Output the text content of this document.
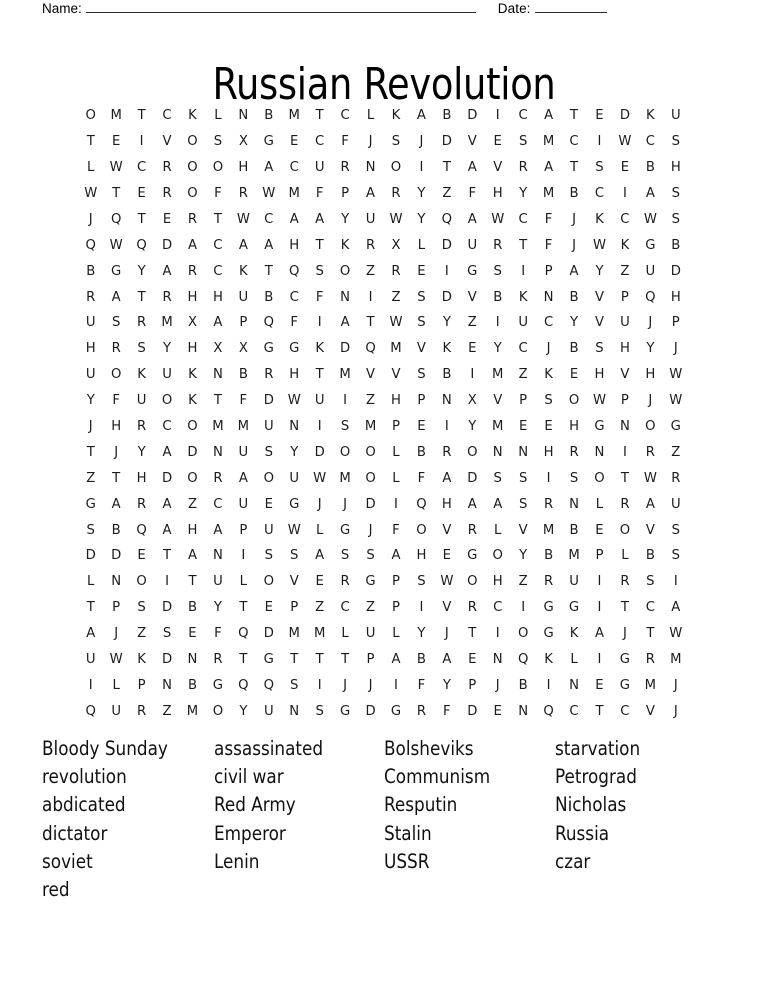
Name:	Date:
Russian Revolution
O	M	T	C	K	L	N	B	M	T	C	L	K	A	B	D	I	C	A	T	E	D	K	U
T	E	I	V	O	S	X	G	E	C	F	J	S	J	D	V	E	S	M	C	I	W	C	S
L	W	C	R	O	O	H	A	C	U	R	N	O	I	T	A	V	R	A	T	S	E	B	H
W	T	E	R	O	F	R	W	M	F	P	A	R	Y	Z	F	H	Y	M	B	C	I	A	S
J	Q	T	E	R	T	W	C	A	A	Y	U	W	Y	Q	A	W	C	F	J	K	C	W	S
Q	W	Q	D	A	C	A	A	H	T	K	R	X	L	D	U	R	T	F	J	W	K	G	B
B	G	Y	A	R	C	K	T	Q	S	O	Z	R	E	I	G	S	I	P	A	Y	Z	U	D
R	A	T	R	H	H	U	B	C	F	N	I	Z	S	D	V	B	K	N	B	V	P	Q	H
U	S	R	M	X	A	P	Q	F	I	A	T	W	S	Y	Z	I	U	C	Y	V	U	J	P
H	R	S	Y	H	X	X	G	G	K	D	Q	M	V	K	E	Y	C	J	B	S	H	Y	J
U	O	K	U	K	N	B	R	H	T	M	V	V	S	B	I	M	Z	K	E	H	V	H	W
Y	F	U	O	K	T	F	D	W	U	I	Z	H	P	N	X	V	P	S	O	W	P	J	W
J	H	R	C	O	M	M	U	N	I	S	M	P	E	I	Y	M	E	E	H	G	N	O	G
T	J	Y	A	D	N	U	S	Y	D	O	O	L	B	R	O	N	N	H	R	N	I	R	Z
Z	T	H	D	O	R	A	O	U	W	M	O	L	F	A	D	S	S	I	S	O	T	W	R
G	A	R	A	Z	C	U	E	G	J	J	D	I	Q	H	A	A	S	R	N	L	R	A	U
S	B	Q	A	H	A	P	U	W	L	G	J	F	O	V	R	L	V	M	B	E	O	V	S
D	D	E	T	A	N	I	S	S	A	S	S	A	H	E	G	O	Y	B	M	P	L	B	S
L	N	O	I	T	U	L	O	V	E	R	G	P	S	W	O	H	Z	R	U	I	R	S	I
T	P	S	D	B	Y	T	E	P	Z	C	Z	P	I	V	R	C	I	G	G	I	T	C	A
A	J	Z	S	E	F	Q	D	M	M	L	U	L	Y	J	T	I	O	G	K	A	J	T	W
U	W	K	D	N	R	T	G	T	T	T	P	A	B	A	E	N	Q	K	L	I	G	R	M
I	L	P	N	B	G	Q	Q	S	I	J	J	I	F	Y	P	J	B	I	N	E	G	M	J
Q	U	R	Z	M	O	Y	U	N	S	G	D	G	R	F	D	E	N	Q	C	T	C	V	J
Bloody Sunday
revolution
abdicated
dictator
soviet
red
assassinated
civil war
Red Army
Emperor
Lenin
Bolsheviks
Communism
Resputin
Stalin
USSR
starvation
Petrograd
Nicholas
Russia
czar
